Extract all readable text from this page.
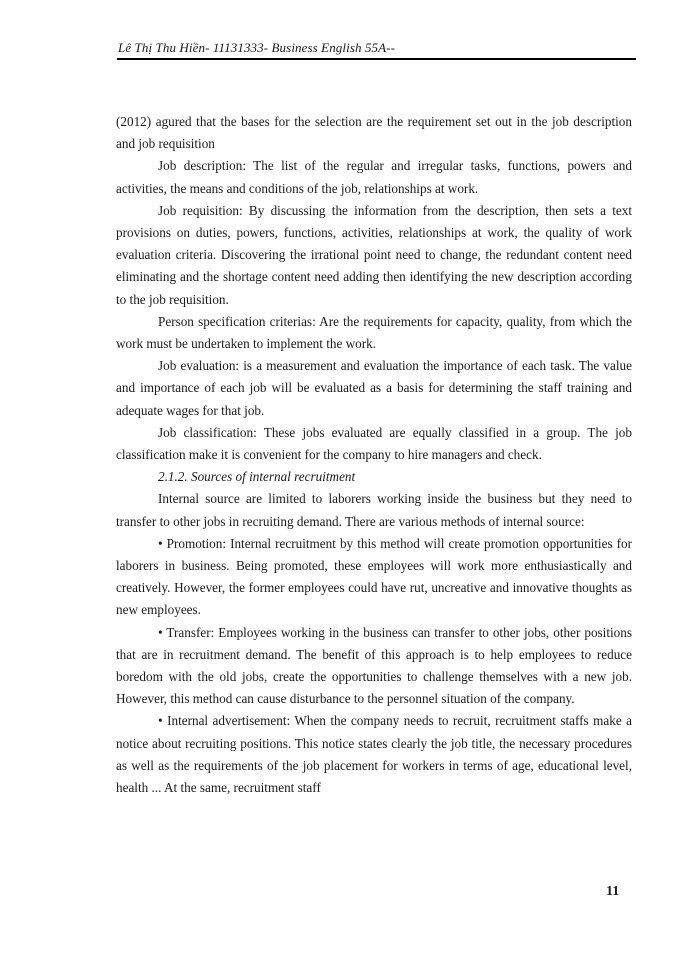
Lê Thị Thu Hiền- 11131333- Business English 55A--

(2012) agured that the bases for the selection are the requirement set out in the job description and job requisition

Job description: The list of the regular and irregular tasks, functions, powers and activities, the means and conditions of the job, relationships at work.

Job requisition: By discussing the information from the description, then sets a text provisions on duties, powers, functions, activities, relationships at work, the quality of work evaluation criteria. Discovering the irrational point need to change, the redundant content need eliminating and the shortage content need adding then identifying the new description according to the job requisition.

Person specification criterias: Are the requirements for capacity, quality, from which the work must be undertaken to implement the work.

Job evaluation: is a measurement and evaluation the importance of each task. The value and importance of each job will be evaluated as a basis for determining the staff training and adequate wages for that job.

Job classification: These jobs evaluated are equally classified in a group. The job classification make it is convenient for the company to hire managers and check.

2.1.2. Sources of internal recruitment

Internal source are limited to laborers working inside the business but they need to transfer to other jobs in recruiting demand. There are various methods of internal source:

• Promotion: Internal recruitment by this method will create promotion opportunities for laborers in business. Being promoted, these employees will work more enthusiastically and creatively. However, the former employees could have rut, uncreative and innovative thoughts as new employees.

• Transfer: Employees working in the business can transfer to other jobs, other positions that are in recruitment demand. The benefit of this approach is to help employees to reduce boredom with the old jobs, create the opportunities to challenge themselves with a new job. However, this method can cause disturbance to the personnel situation of the company.

• Internal advertisement: When the company needs to recruit, recruitment staffs make a notice about recruiting positions. This notice states clearly the job title, the necessary procedures as well as the requirements of the job placement for workers in terms of age, educational level, health ... At the same, recruitment staff

11
